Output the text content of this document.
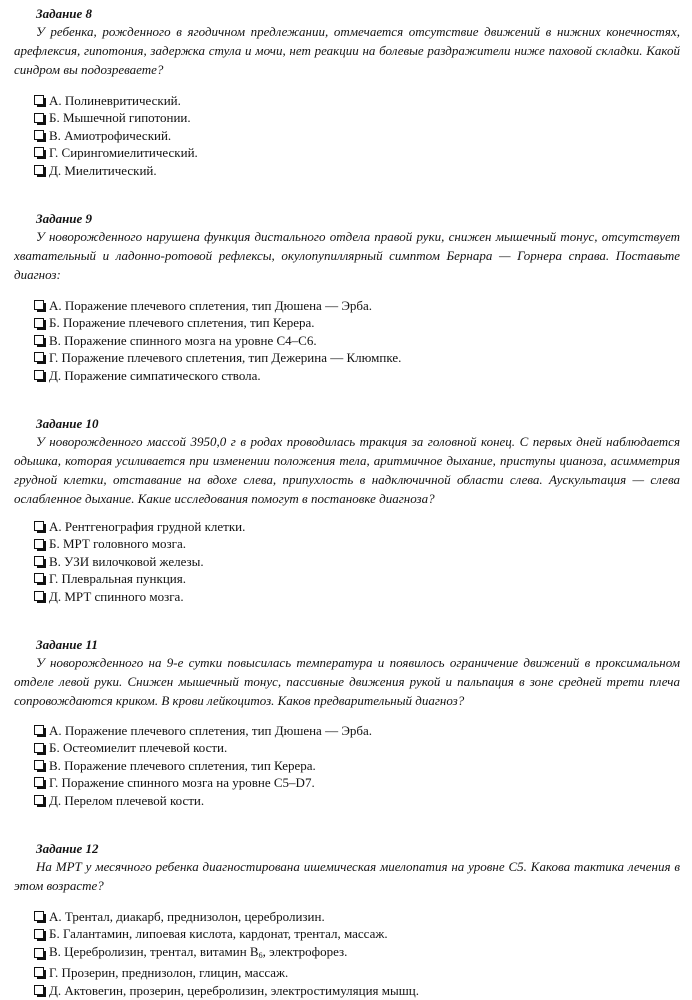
Задание 8

У ребенка, рожденного в ягодичном предлежании, отмечается отсутствие движений в нижних конечностях, арефлексия, гипотония, задержка стула и мочи, нет реакции на болевые раздражители ниже паховой складки. Какой синдром вы подозреваете?

А. Полиневритический.
Б. Мышечной гипотонии.
В. Амиотрофический.
Г. Сирингомиелитический.
Д. Миелитический.
Задание 9

У новорожденного нарушена функция дистального отдела правой руки, снижен мышечный тонус, отсутствует хватательный и ладонно-ротовой рефлексы, окулопупиллярный симптом Бернара — Горнера справа. Поставьте диагноз:

А. Поражение плечевого сплетения, тип Дюшена — Эрба.
Б. Поражение плечевого сплетения, тип Керера.
В. Поражение спинного мозга на уровне С4–С6.
Г. Поражение плечевого сплетения, тип Дежерина — Клюмпке.
Д. Поражение симпатического ствола.
Задание 10

У новорожденного массой 3950,0 г в родах проводилась тракция за головной конец. С первых дней наблюдается одышка, которая усиливается при изменении положения тела, аритмичное дыхание, приступы цианоза, асимметрия грудной клетки, отставание на вдохе слева, припухлость в надключичной области слева. Аускультация — слева ослабленное дыхание. Какие исследования помогут в постановке диагноза?

А. Рентгенография грудной клетки.
Б. МРТ головного мозга.
В. УЗИ вилочковой железы.
Г. Плевральная пункция.
Д. МРТ спинного мозга.
Задание 11

У новорожденного на 9-е сутки повысилась температура и появилось ограничение движений в проксимальном отделе левой руки. Снижен мышечный тонус, пассивные движения рукой и пальпация в зоне средней трети плеча сопровождаются криком. В крови лейкоцитоз. Каков предварительный диагноз?

А. Поражение плечевого сплетения, тип Дюшена — Эрба.
Б. Остеомиелит плечевой кости.
В. Поражение плечевого сплетения, тип Керера.
Г. Поражение спинного мозга на уровне C5–D7.
Д. Перелом плечевой кости.
Задание 12

На МРТ у месячного ребенка диагностирована ишемическая миелопатия на уровне C5. Какова тактика лечения в этом возрасте?

А. Трентал, диакарб, преднизолон, церебролизин.
Б. Галантамин, липоевая кислота, кардонат, трентал, массаж.
В. Церебролизин, трентал, витамин $B_6$, электрофорез.
Г. Прозерин, преднизолон, глицин, массаж.
Д. Актовегин, прозерин, церебролизин, электростимуляция мышц.
